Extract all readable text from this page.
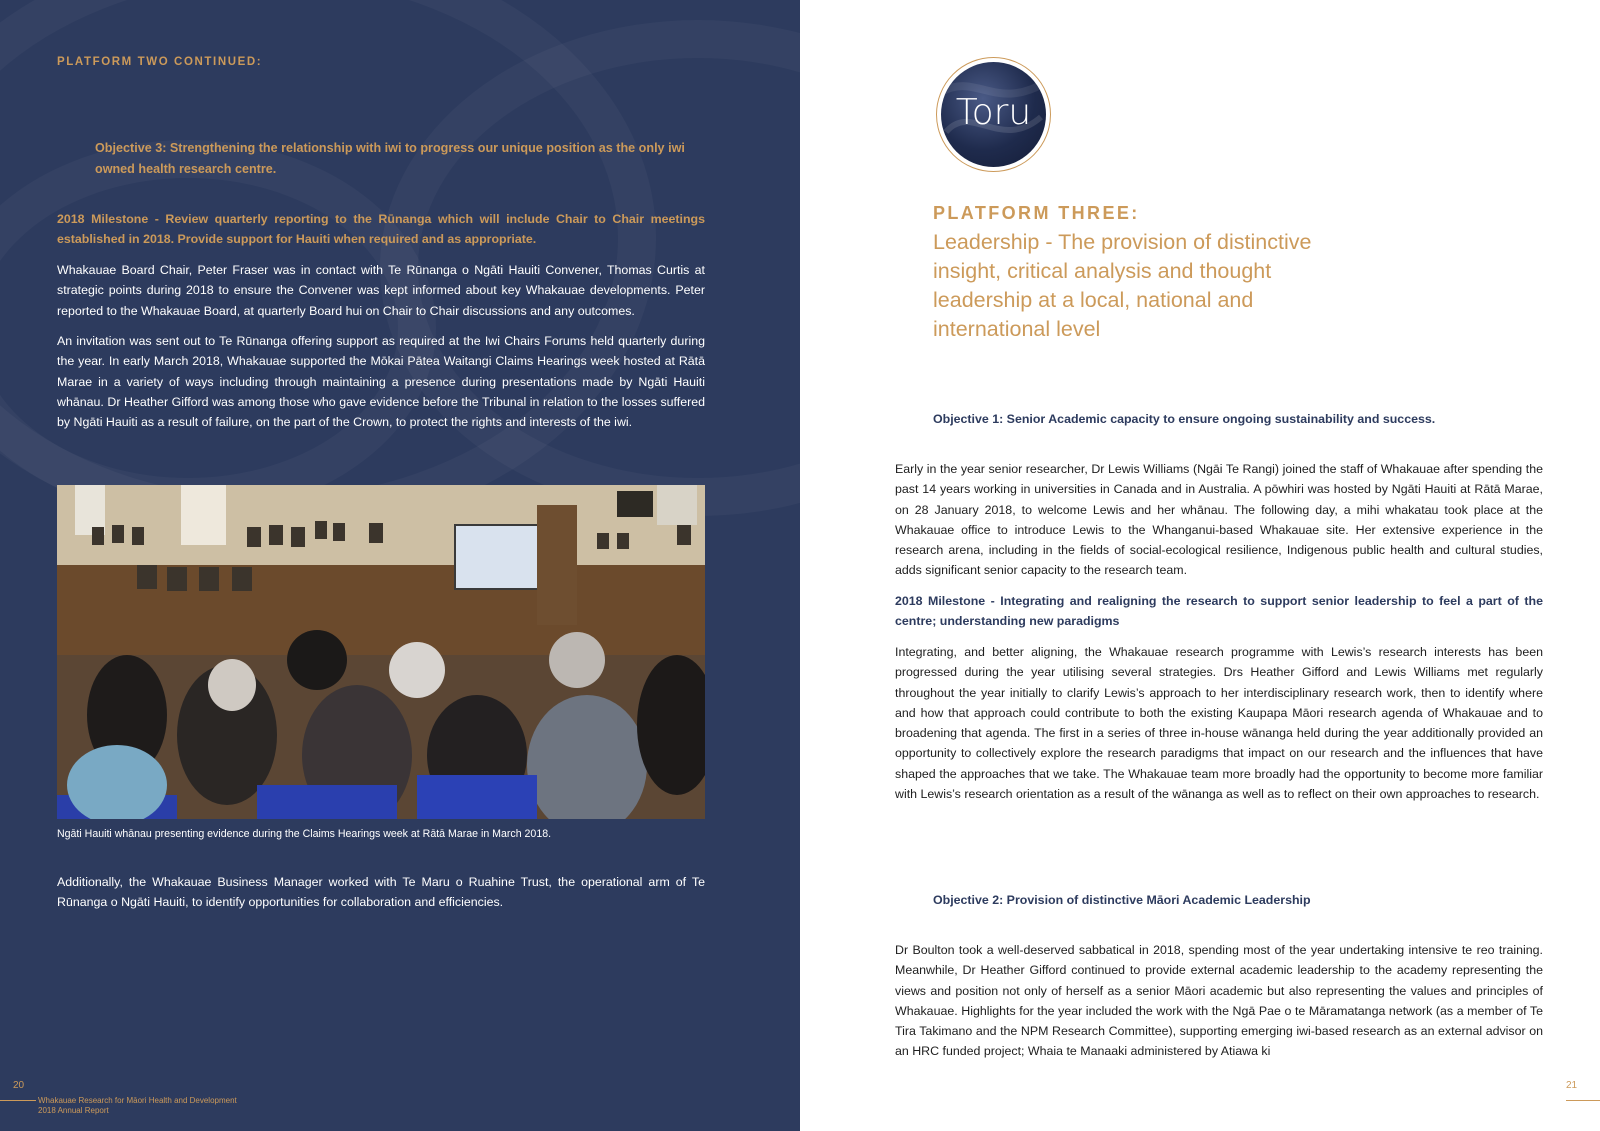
PLATFORM TWO CONTINUED:
Objective 3: Strengthening the relationship with iwi to progress our unique position as the only iwi owned health research centre.
2018 Milestone - Review quarterly reporting to the Rūnanga which will include Chair to Chair meetings established in 2018. Provide support for Hauiti when required and as appropriate.
Whakauae Board Chair, Peter Fraser was in contact with Te Rūnanga o Ngāti Hauiti Convener, Thomas Curtis at strategic points during 2018 to ensure the Convener was kept informed about key Whakauae developments. Peter reported to the Whakauae Board, at quarterly Board hui on Chair to Chair discussions and any outcomes.
An invitation was sent out to Te Rūnanga offering support as required at the Iwi Chairs Forums held quarterly during the year. In early March 2018, Whakauae supported the Mōkai Pātea Waitangi Claims Hearings week hosted at Rātā Marae in a variety of ways including through maintaining a presence during presentations made by Ngāti Hauiti whānau. Dr Heather Gifford was among those who gave evidence before the Tribunal in relation to the losses suffered by Ngāti Hauiti as a result of failure, on the part of the Crown, to protect the rights and interests of the iwi.
Ngāti Hauiti whānau presenting evidence during the Claims Hearings week at Rātā Marae in March 2018.
Additionally, the Whakauae Business Manager worked with Te Maru o Ruahine Trust, the operational arm of Te Rūnanga o Ngāti Hauiti, to identify opportunities for collaboration and efficiencies.
20
Whakauae Research for Māori Health and Development
2018 Annual Report
Toru
PLATFORM THREE:
Leadership - The provision of distinctive insight, critical analysis and thought leadership at a local, national and international level
Objective 1: Senior Academic capacity to ensure ongoing sustainability and success.
Early in the year senior researcher, Dr Lewis Williams (Ngāi Te Rangi) joined the staff of Whakauae after spending the past 14 years working in universities in Canada and in Australia. A pōwhiri was hosted by Ngāti Hauiti at Rātā Marae, on 28 January 2018, to welcome Lewis and her whānau. The following day, a mihi whakatau took place at the Whakauae office to introduce Lewis to the Whanganui-based Whakauae site. Her extensive experience in the research arena, including in the fields of social-ecological resilience, Indigenous public health and cultural studies, adds significant senior capacity to the research team.
2018 Milestone - Integrating and realigning the research to support senior leadership to feel a part of the centre; understanding new paradigms
Integrating, and better aligning, the Whakauae research programme with Lewis’s research interests has been progressed during the year utilising several strategies. Drs Heather Gifford and Lewis Williams met regularly throughout the year initially to clarify Lewis’s approach to her interdisciplinary research work, then to identify where and how that approach could contribute to both the existing Kaupapa Māori research agenda of Whakauae and to broadening that agenda. The first in a series of three in-house wānanga held during the year additionally provided an opportunity to collectively explore the research paradigms that impact on our research and the influences that have shaped the approaches that we take. The Whakauae team more broadly had the opportunity to become more familiar with Lewis’s research orientation as a result of the wānanga as well as to reflect on their own approaches to research.
Objective 2: Provision of distinctive Māori Academic Leadership
Dr Boulton took a well-deserved sabbatical in 2018, spending most of the year undertaking intensive te reo training. Meanwhile, Dr Heather Gifford continued to provide external academic leadership to the academy representing the views and position not only of herself as a senior Māori academic but also representing the values and principles of Whakauae. Highlights for the year included the work with the Ngā Pae o te Māramatanga network (as a member of Te Tira Takimano and the NPM Research Committee), supporting emerging iwi-based research as an external advisor on an HRC funded project; Whaia te Manaaki administered by Atiawa ki
21
